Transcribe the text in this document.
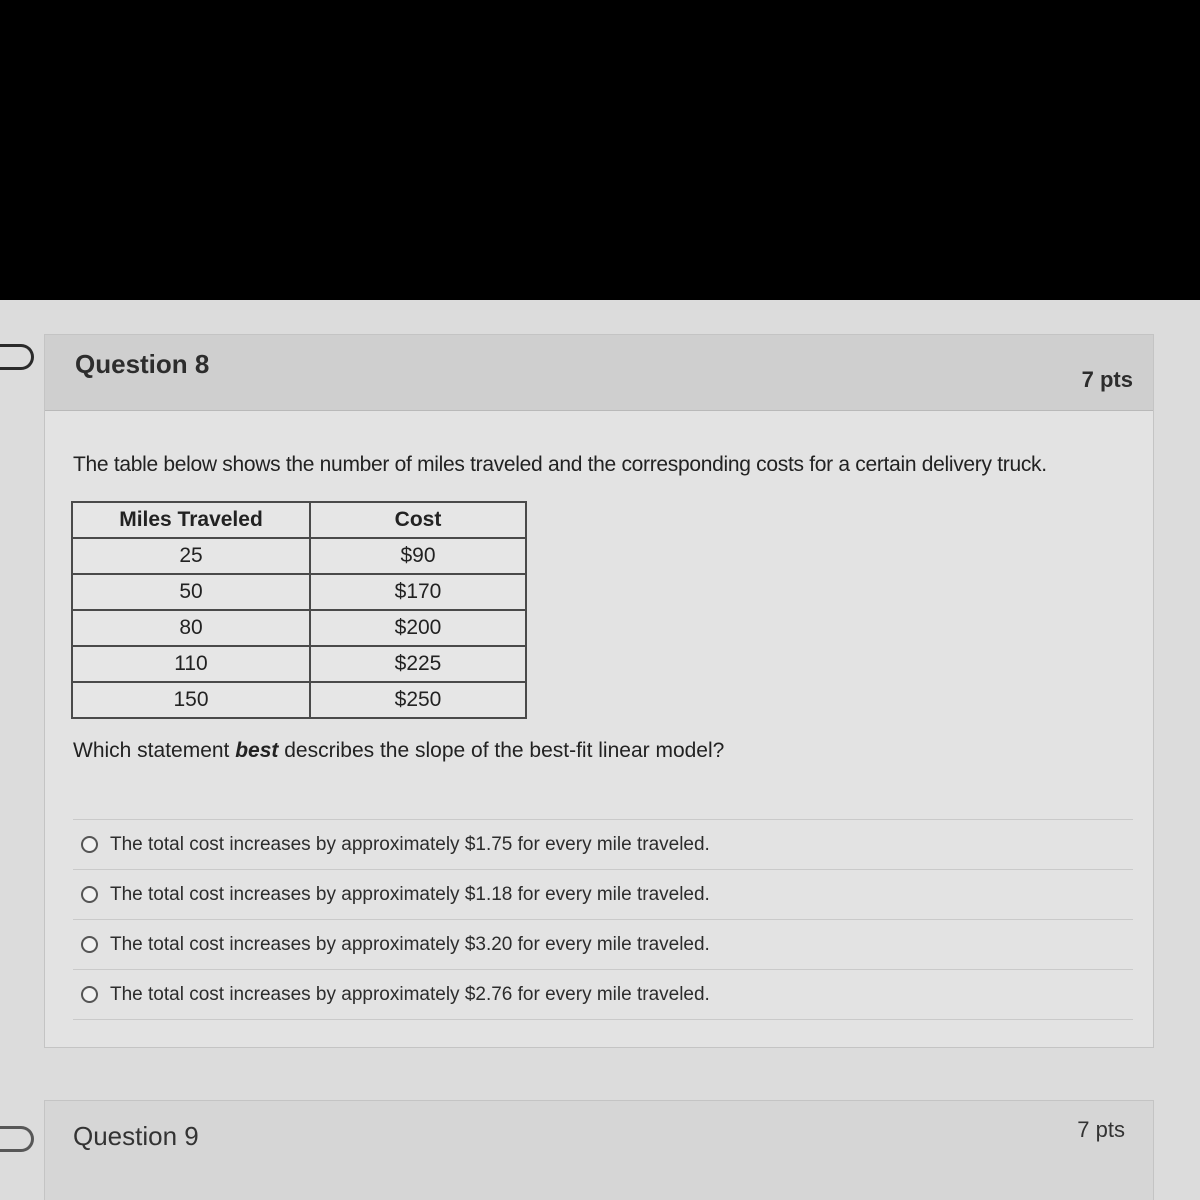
Question 8
7 pts
The table below shows the number of miles traveled and the corresponding costs for a certain delivery truck.
Miles Traveled	Cost
25	$90
50	$170
80	$200
110	$225
150	$250
Which statement best describes the slope of the best-fit linear model?
The total cost increases by approximately $1.75 for every mile traveled.
The total cost increases by approximately $1.18 for every mile traveled.
The total cost increases by approximately $3.20 for every mile traveled.
The total cost increases by approximately $2.76 for every mile traveled.
Question 9	7 pts
